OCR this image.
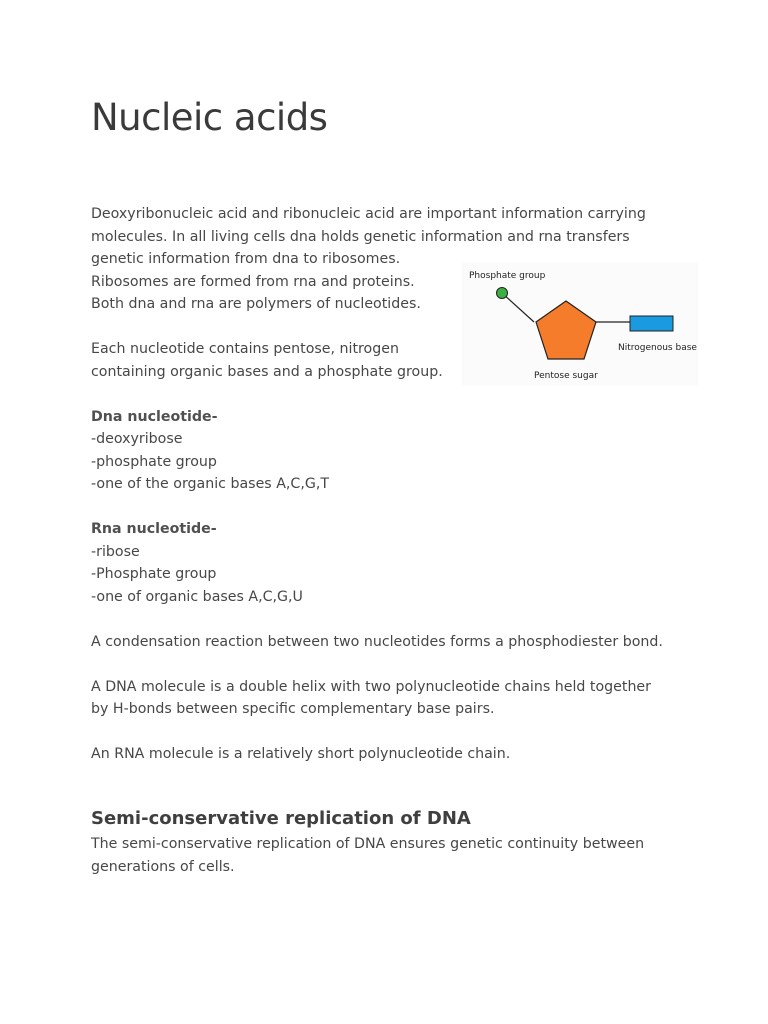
Nucleic acids
Deoxyribonucleic acid and ribonucleic acid are important information carrying
molecules. In all living cells dna holds genetic information and rna transfers
genetic information from dna to ribosomes.
Ribosomes are formed from rna and proteins.
Both dna and rna are polymers of nucleotides.
Each nucleotide contains pentose, nitrogen
containing organic bases and a phosphate group.
Dna nucleotide-
-deoxyribose
-phosphate group
-one of the organic bases A,C,G,T
Rna nucleotide-
-ribose
-Phosphate group
-one of organic bases A,C,G,U
A condensation reaction between two nucleotides forms a phosphodiester bond.
A DNA molecule is a double helix with two polynucleotide chains held together
by H-bonds between specific complementary base pairs.
An RNA molecule is a relatively short polynucleotide chain.
Semi-conservative replication of DNA
The semi-conservative replication of DNA ensures genetic continuity between
generations of cells.
Phosphate group
Nitrogenous base
Pentose sugar
